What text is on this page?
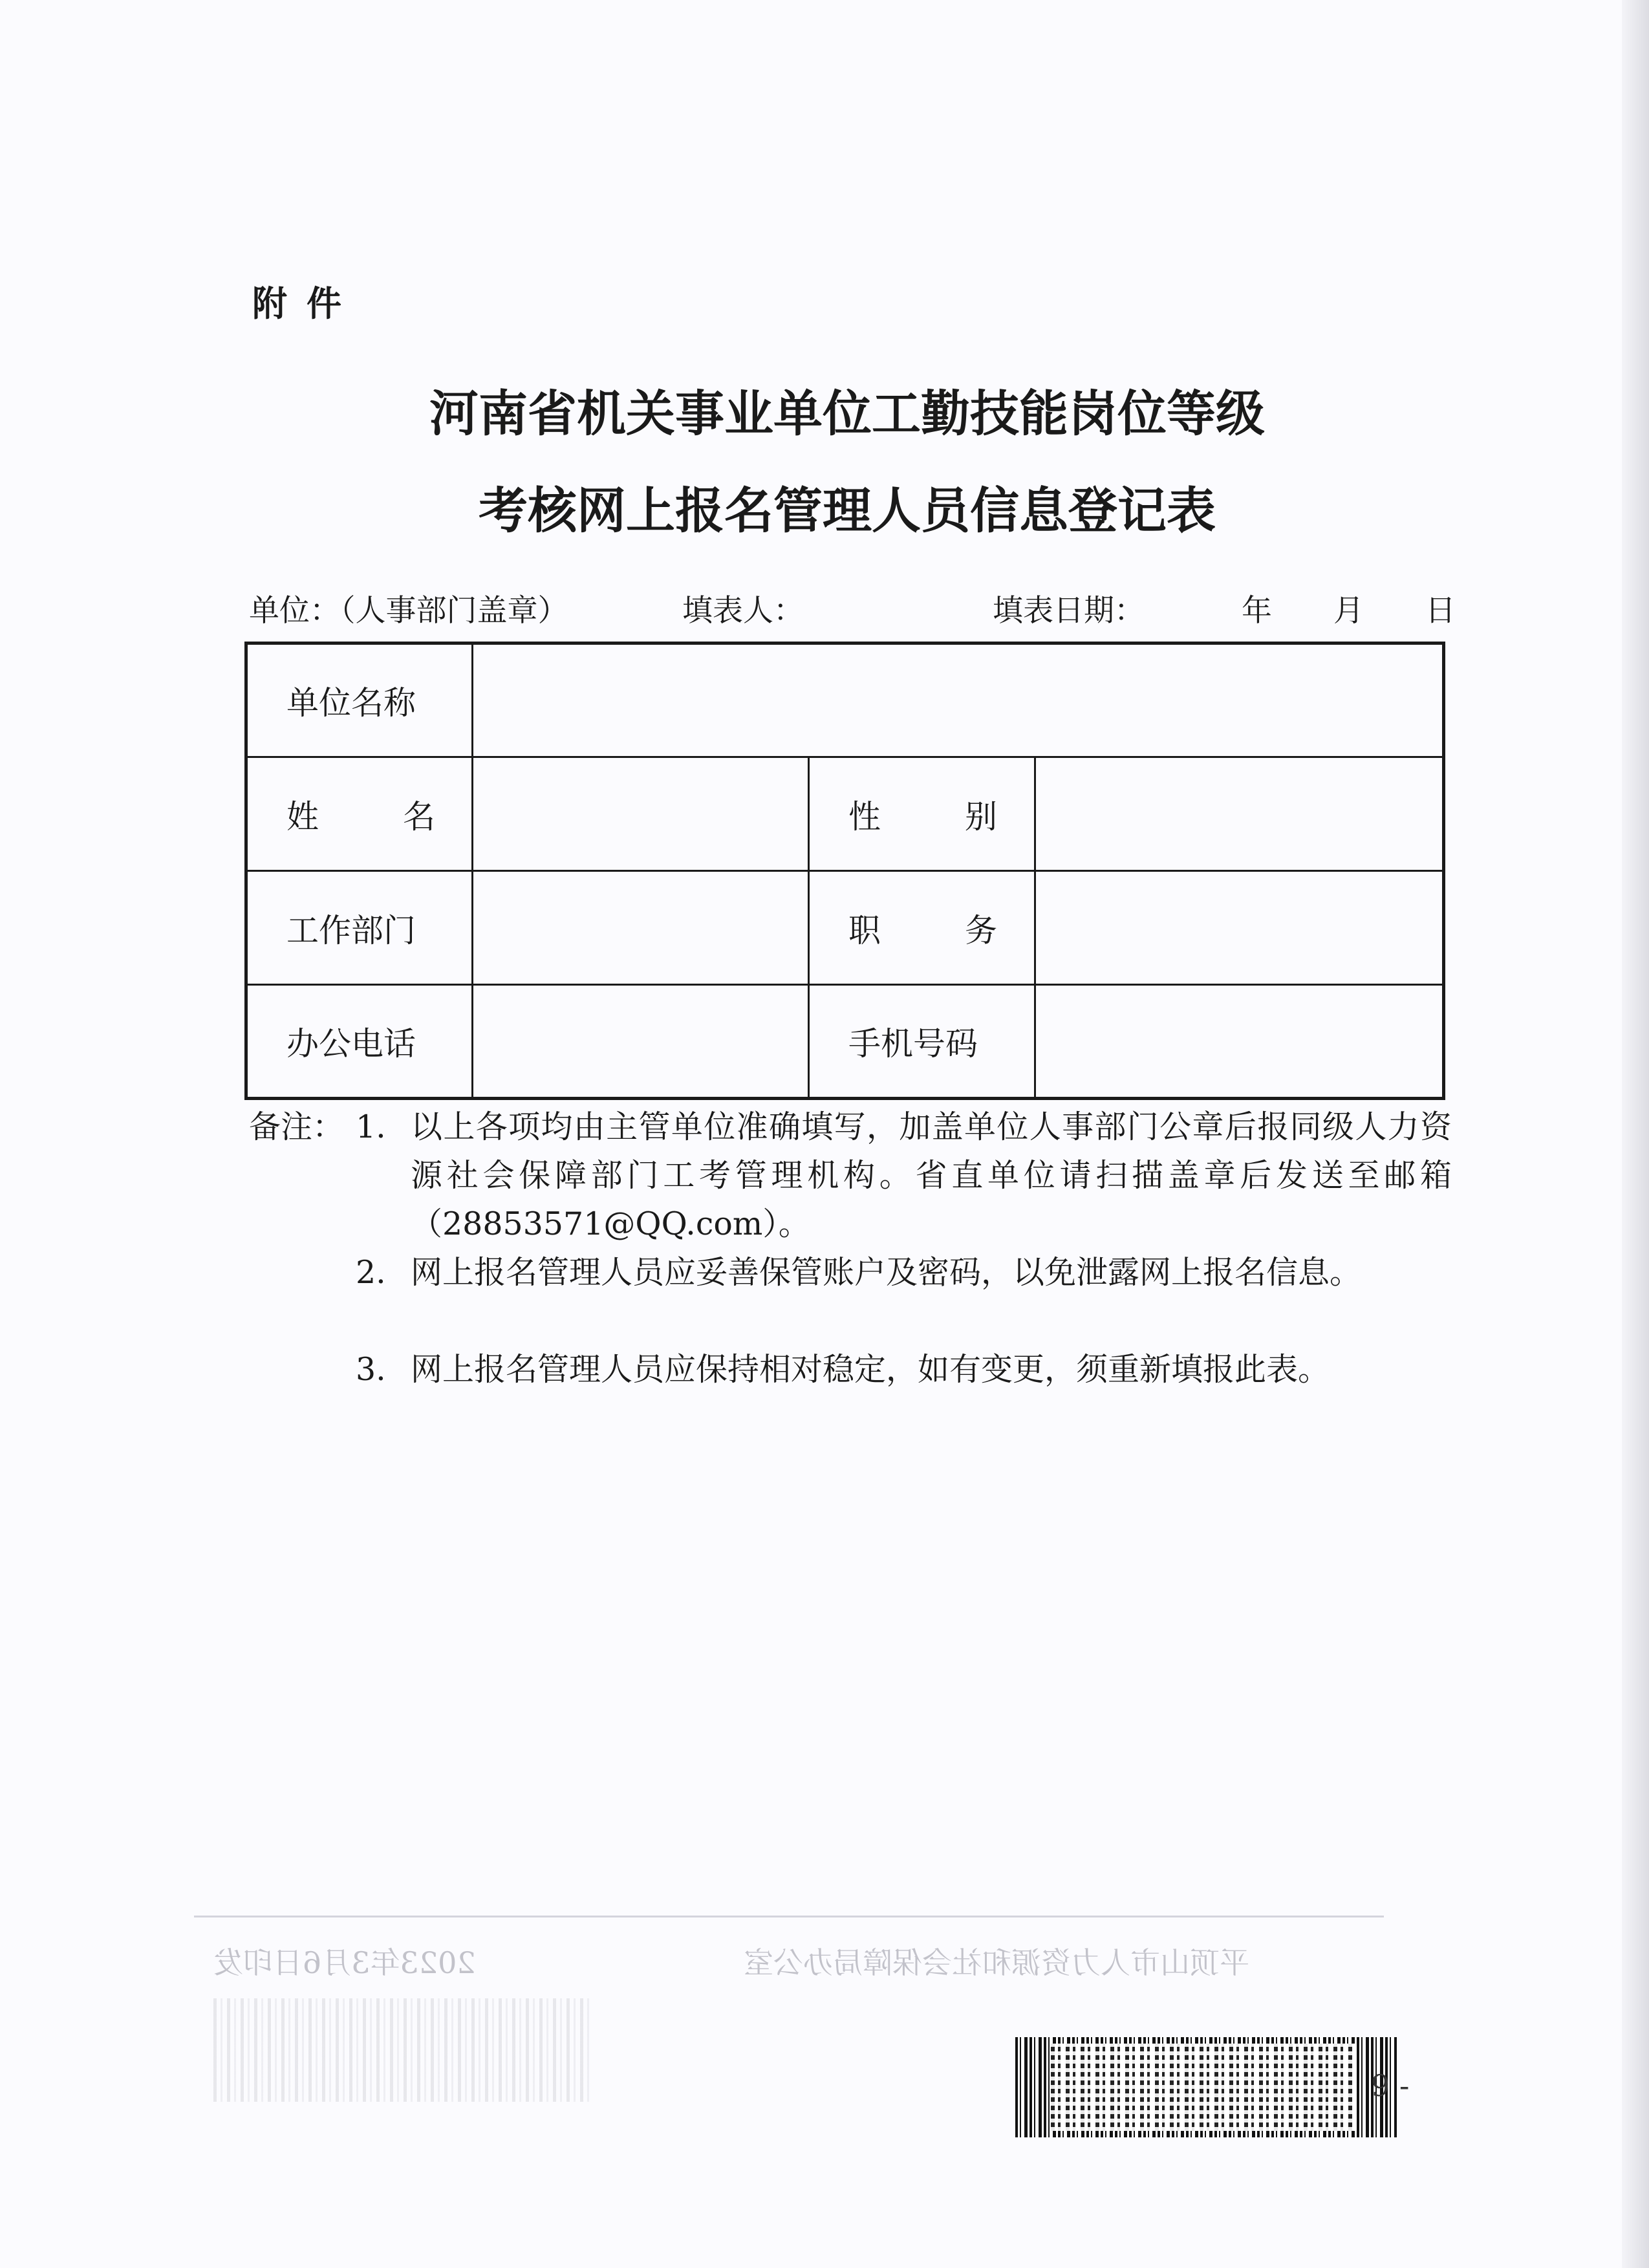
附件
河南省机关事业单位工勤技能岗位等级
考核网上报名管理人员信息登记表
单位：（人事部门盖章）	填表人：	填表日期：	年 月 日
单位名称			

姓 名		性 别	

工作部门		职 务	

办公电话		手机号码	
备注： 1. 以上各项均由主管单位准确填写，加盖单位人事部门公章后报同级人力资源社会保障部门工考管理机构。省直单位请扫描盖章后发送至邮箱（28853571@QQ.com）。
2. 网上报名管理人员应妥善保管账户及密码，以免泄露网上报名信息。
3. 网上报名管理人员应保持相对稳定，如有变更，须重新填报此表。
平顶山市人力资源和社会保障局办公室
2023年3月6日印发
9 -
